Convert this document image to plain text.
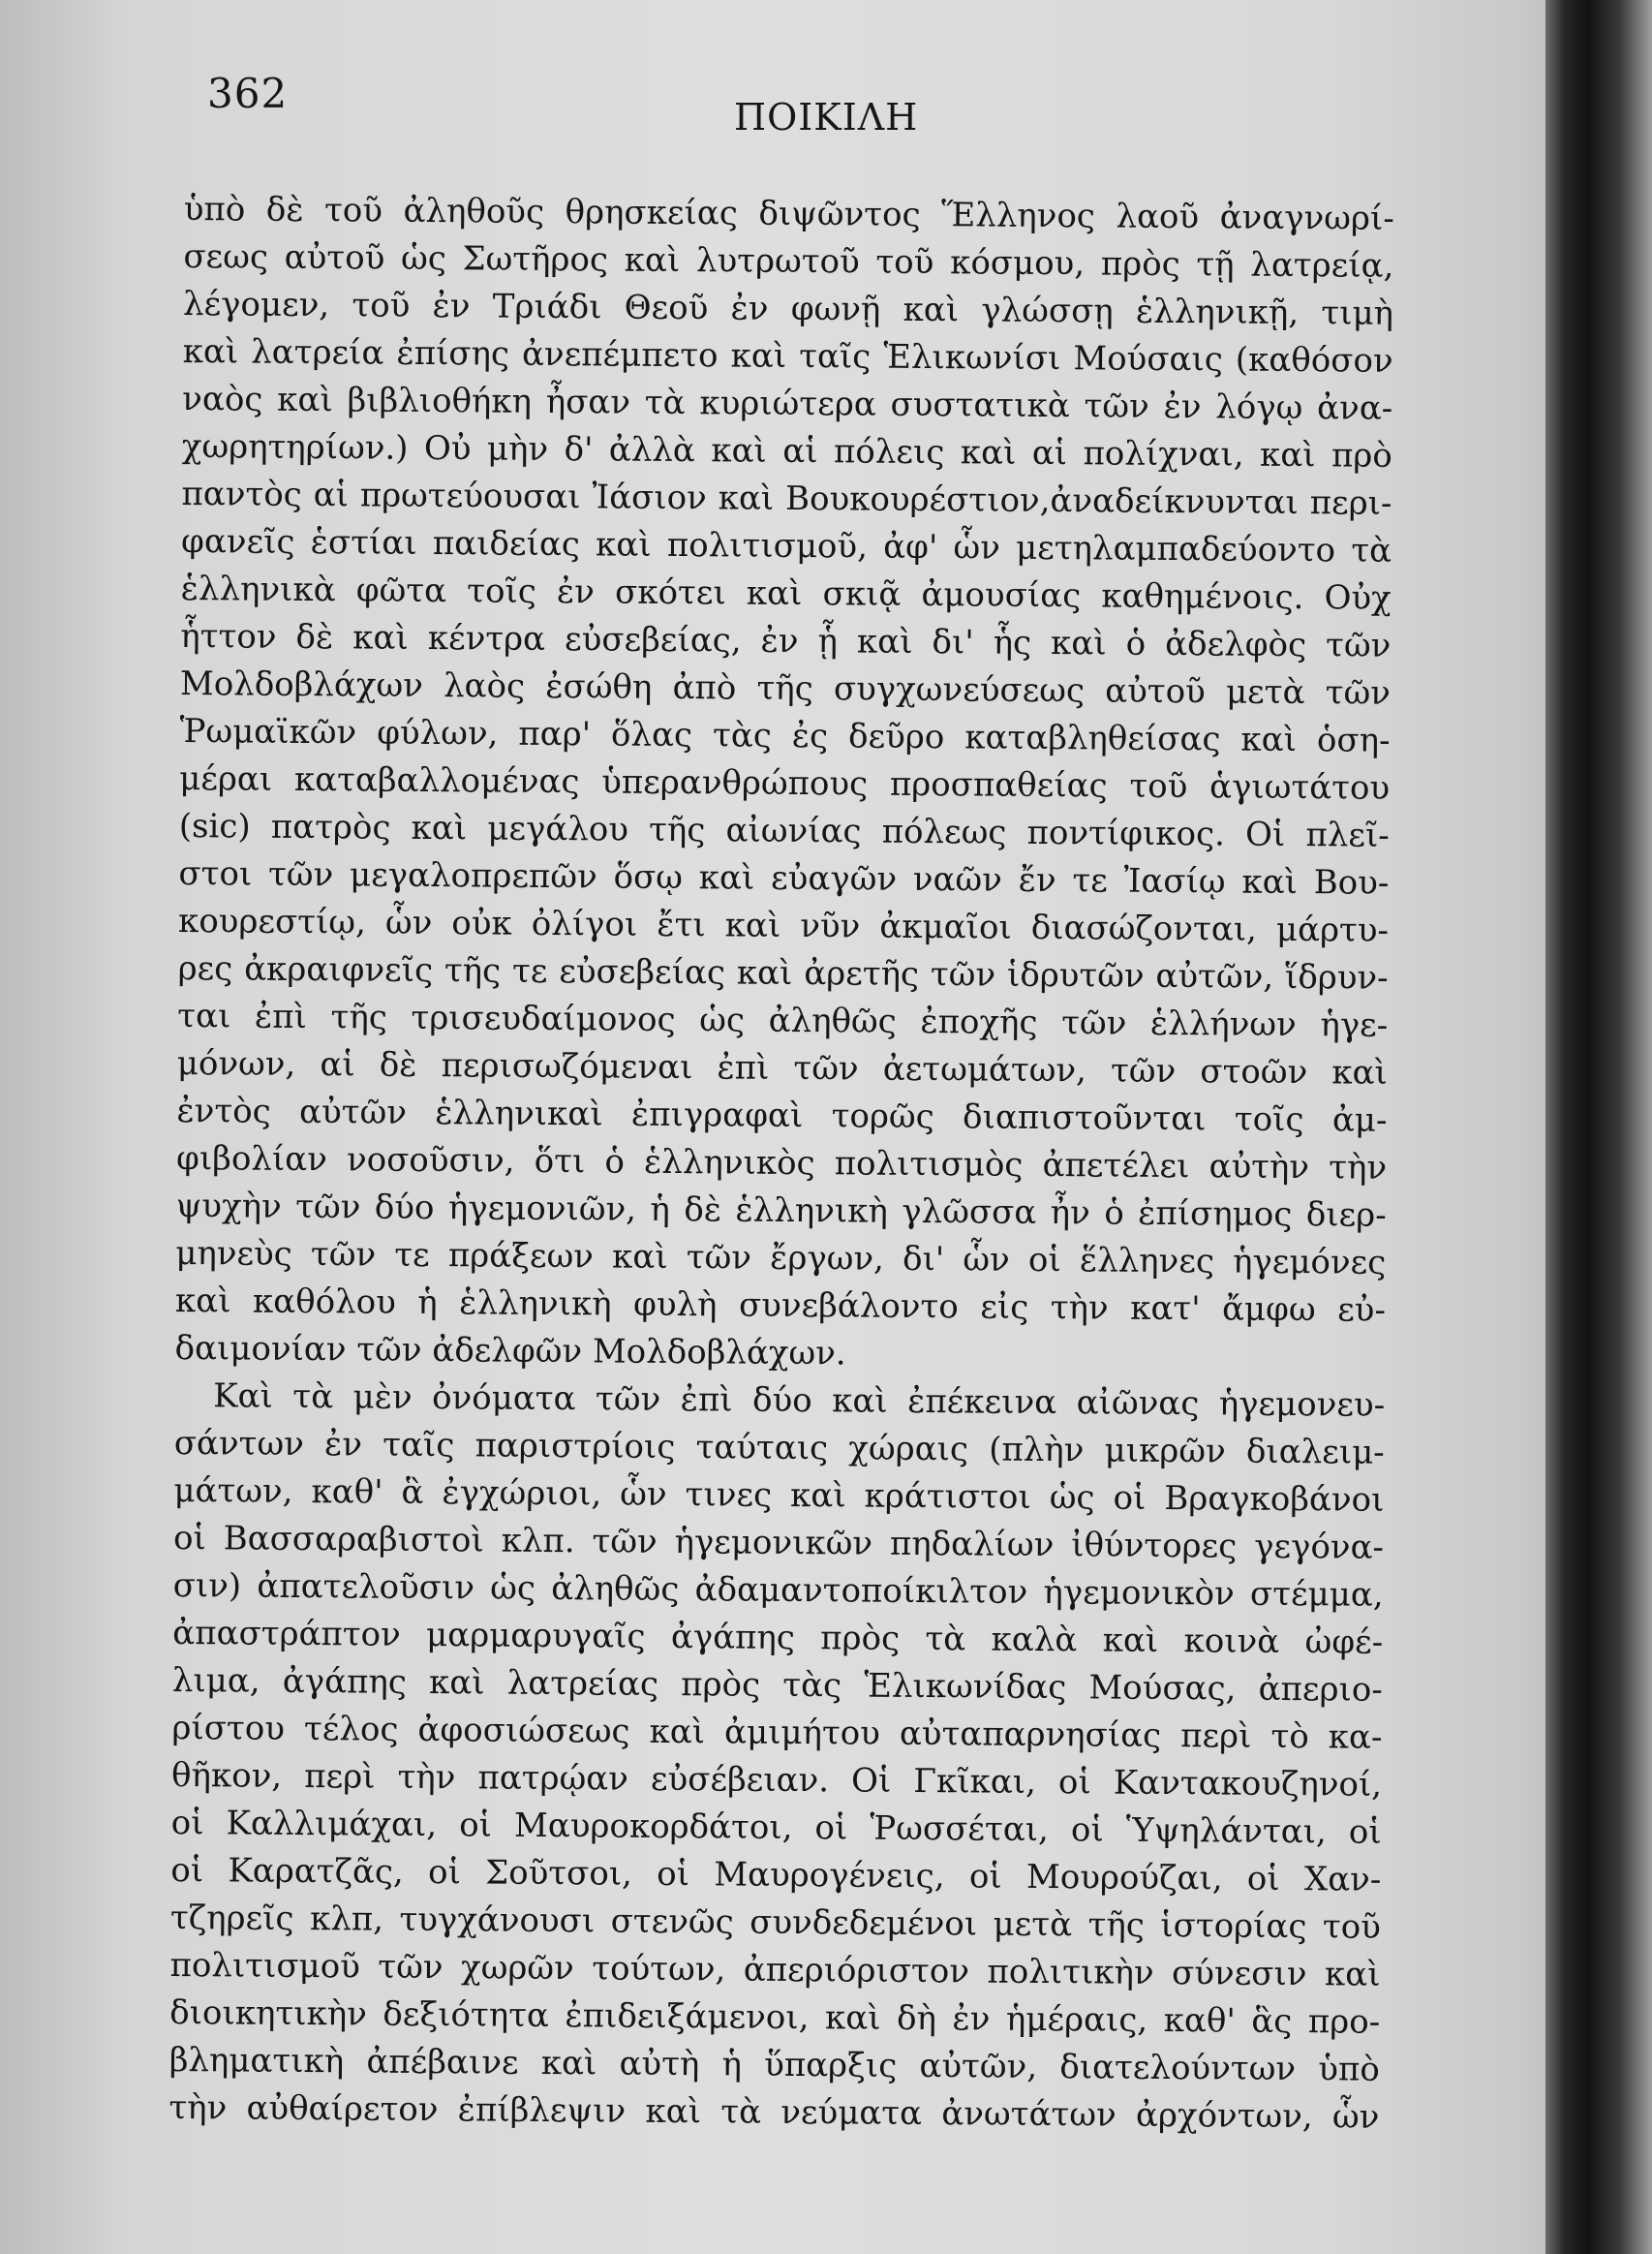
362	ΠΟΙΚΙΛΗ
ὑπὸ δὲ τοῦ ἀληθοῦς θρησκείας διψῶντος Ἕλληνος λαοῦ ἀναγνωρί-
σεως αὐτοῦ ὡς Σωτῆρος καὶ λυτρωτοῦ τοῦ κόσμου, πρὸς τῇ λατρείᾳ,
λέγομεν, τοῦ ἐν Τριάδι Θεοῦ ἐν φωνῇ καὶ γλώσσῃ ἑλληνικῇ, τιμὴ
καὶ λατρεία ἐπίσης ἀνεπέμπετο καὶ ταῖς Ἑλικωνίσι Μούσαις (καθόσον
ναὸς καὶ βιβλιοθήκη ἦσαν τὰ κυριώτερα συστατικὰ τῶν ἐν λόγῳ ἀνα-
χωρητηρίων.) Οὐ μὴν δ' ἀλλὰ καὶ αἱ πόλεις καὶ αἱ πολίχναι, καὶ πρὸ
παντὸς αἱ πρωτεύουσαι Ἰάσιον καὶ Βουκουρέστιον,ἀναδείκνυνται περι-
φανεῖς ἑστίαι παιδείας καὶ πολιτισμοῦ, ἀφ' ὧν μετηλαμπαδεύοντο τὰ
ἑλληνικὰ φῶτα τοῖς ἐν σκότει καὶ σκιᾷ ἀμουσίας καθημένοις. Οὐχ
ἧττον δὲ καὶ κέντρα εὐσεβείας, ἐν ᾗ καὶ δι' ἧς καὶ ὁ ἀδελφὸς τῶν
Μολδοβλάχων λαὸς ἐσώθη ἀπὸ τῆς συγχωνεύσεως αὐτοῦ μετὰ τῶν
Ῥωμαϊκῶν φύλων, παρ' ὅλας τὰς ἐς δεῦρο καταβληθείσας καὶ ὁση-
μέραι καταβαλλομένας ὑπερανθρώπους προσπαθείας τοῦ ἁγιωτάτου
(sic) πατρὸς καὶ μεγάλου τῆς αἰωνίας πόλεως ποντίφικος. Οἱ πλεῖ-
στοι τῶν μεγαλοπρεπῶν ὅσῳ καὶ εὐαγῶν ναῶν ἔν τε Ἰασίῳ καὶ Βου-
κουρεστίῳ, ὧν οὐκ ὀλίγοι ἔτι καὶ νῦν ἀκμαῖοι διασώζονται, μάρτυ-
ρες ἀκραιφνεῖς τῆς τε εὐσεβείας καὶ ἀρετῆς τῶν ἱδρυτῶν αὐτῶν, ἵδρυν-
ται ἐπὶ τῆς τρισευδαίμονος ὡς ἀληθῶς ἐποχῆς τῶν ἑλλήνων ἡγε-
μόνων, αἱ δὲ περισωζόμεναι ἐπὶ τῶν ἀετωμάτων, τῶν στοῶν καὶ
ἐντὸς αὐτῶν ἑλληνικαὶ ἐπιγραφαὶ τορῶς διαπιστοῦνται τοῖς ἀμ-
φιβολίαν νοσοῦσιν, ὅτι ὁ ἑλληνικὸς πολιτισμὸς ἀπετέλει αὐτὴν τὴν
ψυχὴν τῶν δύο ἡγεμονιῶν, ἡ δὲ ἑλληνικὴ γλῶσσα ἦν ὁ ἐπίσημος διερ-
μηνεὺς τῶν τε πράξεων καὶ τῶν ἔργων, δι' ὧν οἱ ἕλληνες ἡγεμόνες
καὶ καθόλου ἡ ἑλληνικὴ φυλὴ συνεβάλοντο εἰς τὴν κατ' ἄμφω εὐ-
δαιμονίαν τῶν ἀδελφῶν Μολδοβλάχων.
Καὶ τὰ μὲν ὀνόματα τῶν ἐπὶ δύο καὶ ἐπέκεινα αἰῶνας ἡγεμονευ-
σάντων ἐν ταῖς παριστρίοις ταύταις χώραις (πλὴν μικρῶν διαλειμ-
μάτων, καθ' ἃ ἐγχώριοι, ὧν τινες καὶ κράτιστοι ὡς οἱ Βραγκοβάνοι
οἱ Βασσαραβιστοὶ κλπ. τῶν ἡγεμονικῶν πηδαλίων ἰθύντορες γεγόνα-
σιν) ἀπατελοῦσιν ὡς ἀληθῶς ἀδαμαντοποίκιλτον ἡγεμονικὸν στέμμα,
ἀπαστράπτον μαρμαρυγαῖς ἀγάπης πρὸς τὰ καλὰ καὶ κοινὰ ὠφέ-
λιμα, ἀγάπης καὶ λατρείας πρὸς τὰς Ἑλικωνίδας Μούσας, ἀπεριο-
ρίστου τέλος ἀφοσιώσεως καὶ ἀμιμήτου αὐταπαρνησίας περὶ τὸ κα-
θῆκον, περὶ τὴν πατρῴαν εὐσέβειαν. Οἱ Γκῖκαι, οἱ Καντακουζηνοί,
οἱ Καλλιμάχαι, οἱ Μαυροκορδάτοι, οἱ Ῥωσσέται, οἱ Ὑψηλάνται, οἱ
οἱ Καρατζᾶς, οἱ Σοῦτσοι, οἱ Μαυρογένεις, οἱ Μουρούζαι, οἱ Χαν-
τζηρεῖς κλπ, τυγχάνουσι στενῶς συνδεδεμένοι μετὰ τῆς ἱστορίας τοῦ
πολιτισμοῦ τῶν χωρῶν τούτων, ἀπεριόριστον πολιτικὴν σύνεσιν καὶ
διοικητικὴν δεξιότητα ἐπιδειξάμενοι, καὶ δὴ ἐν ἡμέραις, καθ' ἃς προ-
βληματικὴ ἀπέβαινε καὶ αὐτὴ ἡ ὕπαρξις αὐτῶν, διατελούντων ὑπὸ
τὴν αὐθαίρετον ἐπίβλεψιν καὶ τὰ νεύματα ἀνωτάτων ἀρχόντων, ὧν
